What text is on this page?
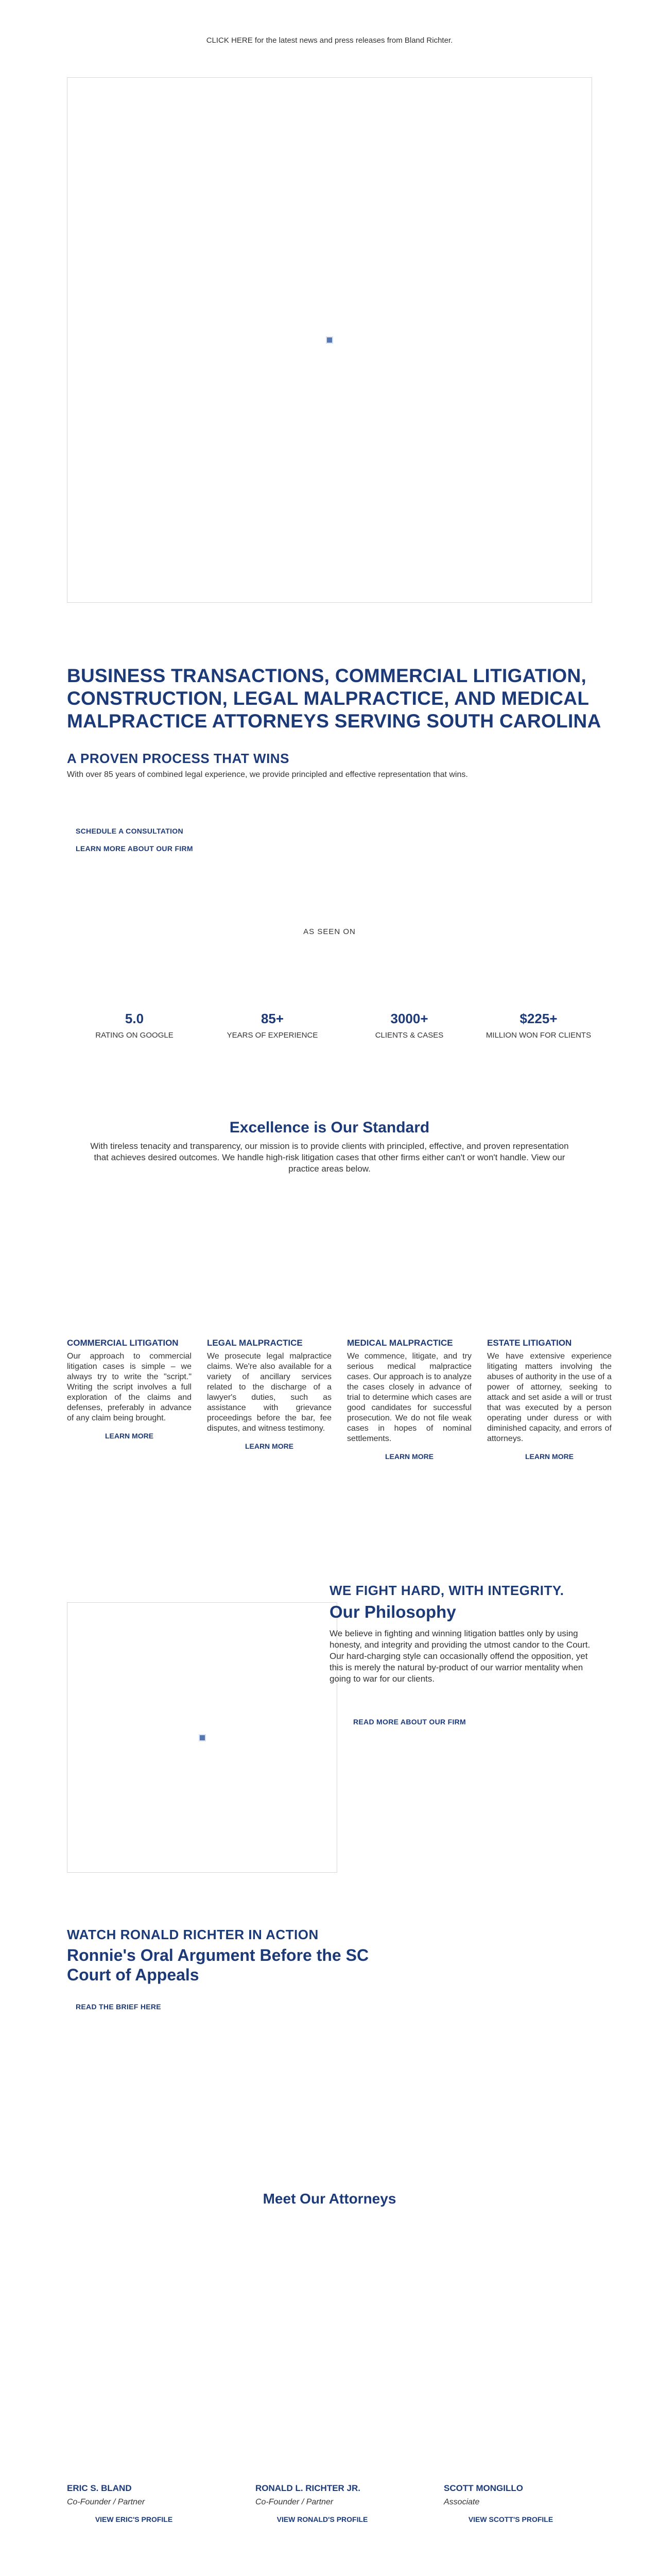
CLICK HERE for the latest news and press releases from Bland Richter.
BUSINESS TRANSACTIONS, COMMERCIAL LITIGATION, CONSTRUCTION, LEGAL MALPRACTICE, AND MEDICAL MALPRACTICE ATTORNEYS SERVING SOUTH CAROLINA
A PROVEN PROCESS THAT WINS

With over 85 years of combined legal experience, we provide principled and effective representation that wins.

SCHEDULE A CONSULTATION
LEARN MORE ABOUT OUR FIRM
AS SEEN ON
5.0
RATING ON GOOGLE
85+
YEARS OF EXPERIENCE
3000+
CLIENTS & CASES
$225+
MILLION WON FOR CLIENTS
Excellence is Our Standard

With tireless tenacity and transparency, our mission is to provide clients with principled, effective, and proven representation that achieves desired outcomes. We handle high-risk litigation cases that other firms either can't or won't handle. View our practice areas below.

COMMERCIAL LITIGATION

Our approach to commercial litigation cases is simple – we always try to write the "script." Writing the script involves a full exploration of the claims and defenses, preferably in advance of any claim being brought.

LEARN MORE
LEGAL MALPRACTICE

We prosecute legal malpractice claims. We're also available for a variety of ancillary services related to the discharge of a lawyer's duties, such as assistance with grievance proceedings before the bar, fee disputes, and witness testimony.

LEARN MORE
MEDICAL MALPRACTICE

We commence, litigate, and try serious medical malpractice cases. Our approach is to analyze the cases closely in advance of trial to determine which cases are good candidates for successful prosecution. We do not file weak cases in hopes of nominal settlements.

LEARN MORE
ESTATE LITIGATION

We have extensive experience litigating matters involving the abuses of authority in the use of a power of attorney, seeking to attack and set aside a will or trust that was executed by a person operating under duress or with diminished capacity, and errors of attorneys.

LEARN MORE
WE FIGHT HARD, WITH INTEGRITY.
Our Philosophy

We believe in fighting and winning litigation battles only by using honesty, and integrity and providing the utmost candor to the Court. Our hard-charging style can occasionally offend the opposition, yet this is merely the natural by-product of our warrior mentality when going to war for our clients.

READ MORE ABOUT OUR FIRM
WATCH RONALD RICHTER IN ACTION
Ronnie's Oral Argument Before the SC Court of Appeals
READ THE BRIEF HERE
Meet Our Attorneys
ERIC S. BLAND
Co-Founder / Partner
VIEW ERIC'S PROFILE
RONALD L. RICHTER JR.
Co-Founder / Partner
VIEW RONALD'S PROFILE
SCOTT MONGILLO
Associate
VIEW SCOTT'S PROFILE
